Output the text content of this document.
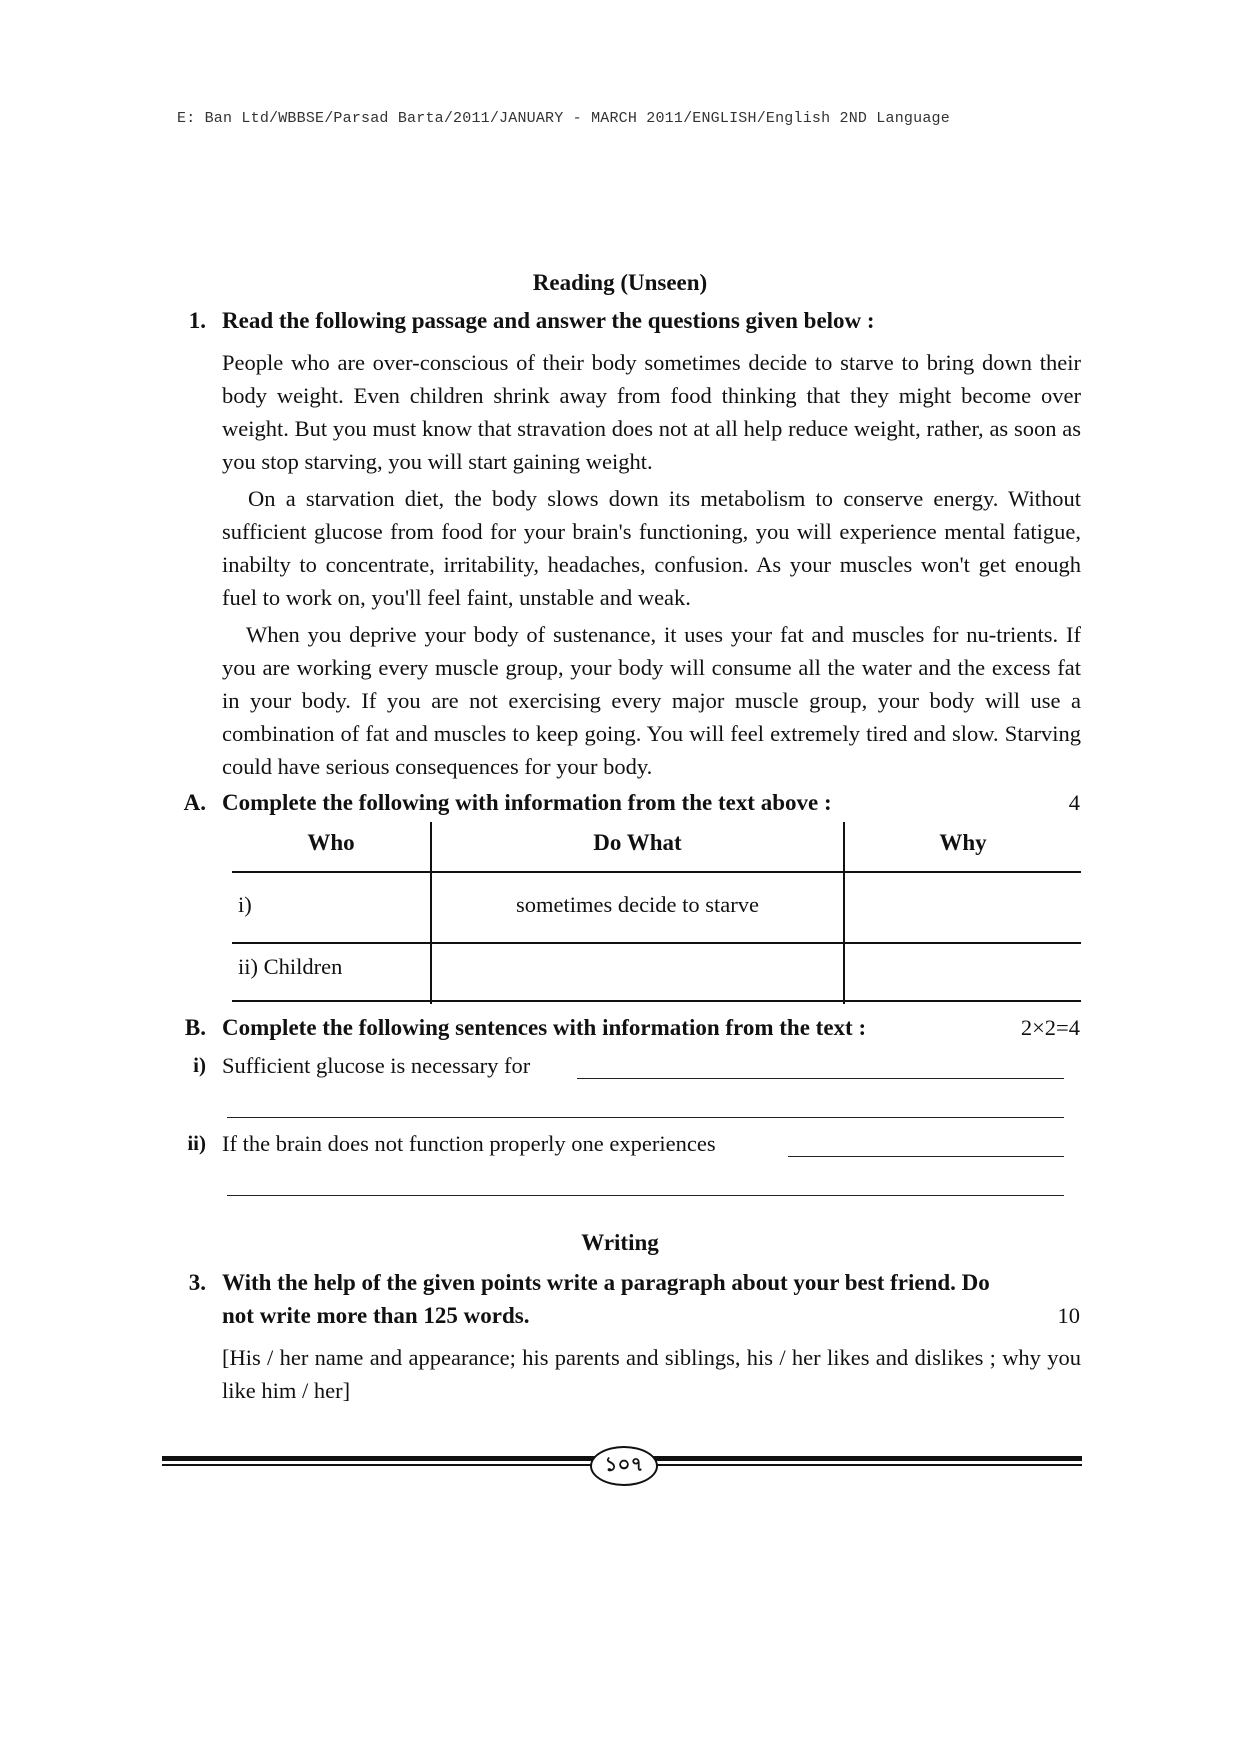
E: Ban Ltd/WBBSE/Parsad Barta/2011/JANUARY - MARCH 2011/ENGLISH/English 2ND Language
Reading (Unseen)
1. Read the following passage and answer the questions given below :
People who are over-conscious of their body sometimes decide to starve to bring down their body weight. Even children shrink away from food thinking that they might become over weight. But you must know that stravation does not at all help reduce weight, rather, as soon as you stop starving, you will start gaining weight.
On a starvation diet, the body slows down its metabolism to conserve energy. Without sufficient glucose from food for your brain's functioning, you will experience mental fatigue, inabilty to concentrate, irritability, headaches, confusion. As your muscles won't get enough fuel to work on, you'll feel faint, unstable and weak.
When you deprive your body of sustenance, it uses your fat and muscles for nu-trients. If you are working every muscle group, your body will consume all the water and the excess fat in your body. If you are not exercising every major muscle group, your body will use a combination of fat and muscles to keep going. You will feel extremely tired and slow. Starving could have serious consequences for your body.
A. Complete the following with information from the text above :	4
Who	Do What	Why
i)	sometimes decide to starve
ii) Children
B. Complete the following sentences with information from the text :	2×2=4
i) Sufficient glucose is necessary for
ii) If the brain does not function properly one experiences
Writing
3. With the help of the given points write a paragraph about your best friend. Do
not write more than 125 words.	10
[His / her name and appearance; his parents and siblings, his / her likes and dislikes ; why you like him / her]
১০৭
